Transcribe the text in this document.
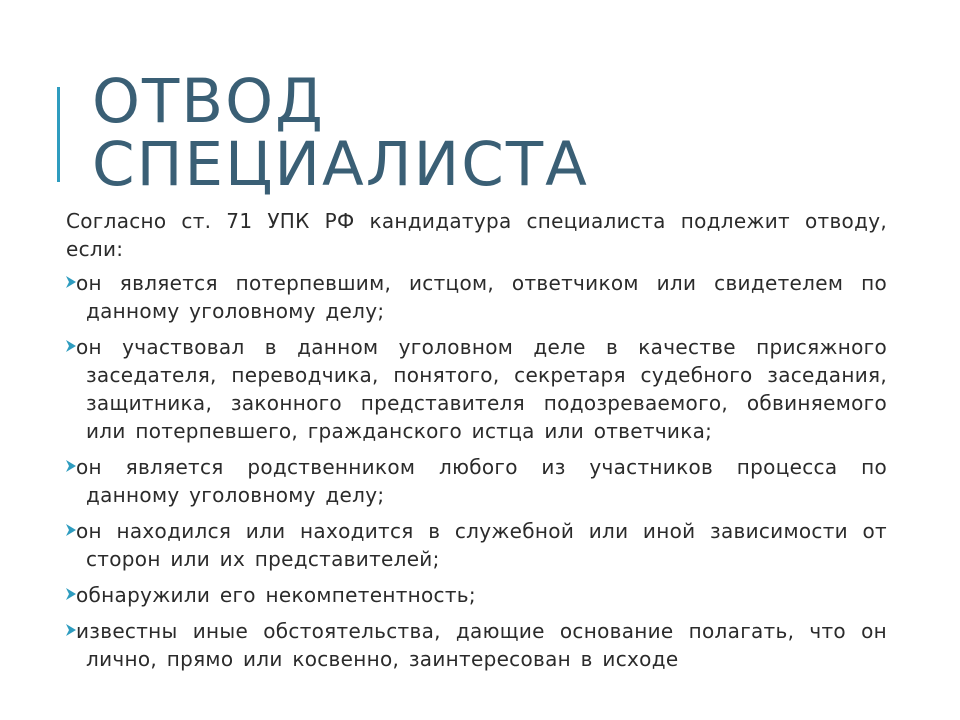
ОТВОД
СПЕЦИАЛИСТА

Согласно ст. 71 УПК РФ кандидатура специалиста подлежит отводу, если:

он является потерпевшим, истцом, ответчиком или свидетелем по данному уголовному делу;
он участвовал в данном уголовном деле в качестве присяжного заседателя, переводчика, понятого, секретаря судебного заседания, защитника, законного представителя подозреваемого, обвиняемого или потерпевшего, гражданского истца или ответчика;
он является родственником любого из участников процесса по данному уголовному делу;
он находился или находится в служебной или иной зависимости от сторон или их представителей;
обнаружили его некомпетентность;
известны иные обстоятельства, дающие основание полагать, что он лично, прямо или косвенно, заинтересован в исходе
